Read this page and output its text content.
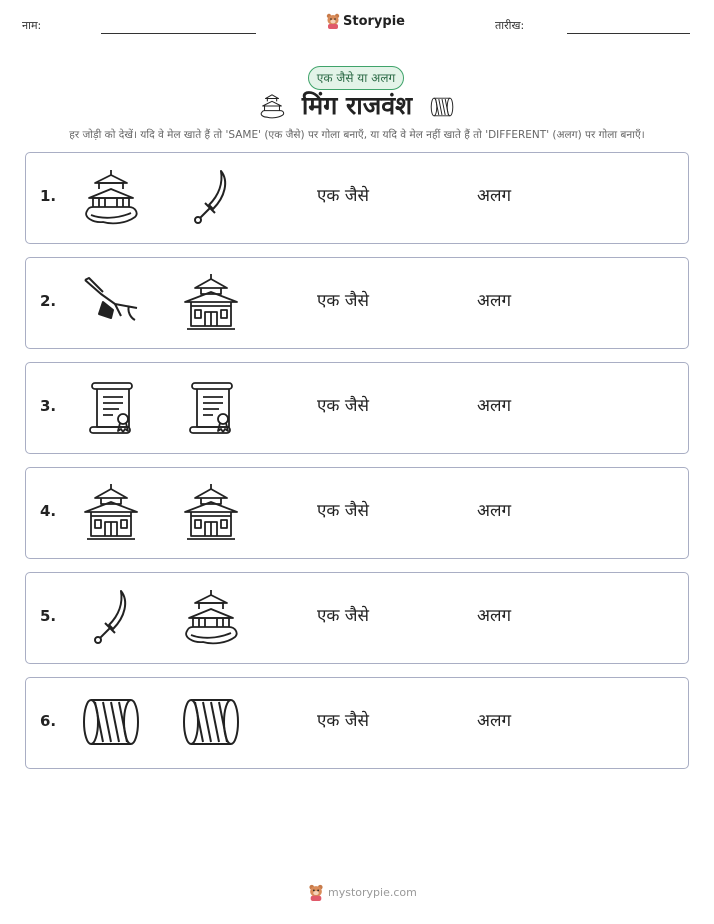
नाम:	Storypie	तारीख:
एक जैसे या अलग
मिंग राजवंश
हर जोड़ी को देखें। यदि वे मेल खाते हैं तो 'SAME' (एक जैसे) पर गोला बनाएँ, या यदि वे मेल नहीं खाते हैं तो 'DIFFERENT' (अलग) पर गोला बनाएँ।
1.	एक जैसे	अलग
2.	एक जैसे	अलग
3.	एक जैसे	अलग
4.	एक जैसे	अलग
5.	एक जैसे	अलग
6.	एक जैसे	अलग
mystorypie.com
